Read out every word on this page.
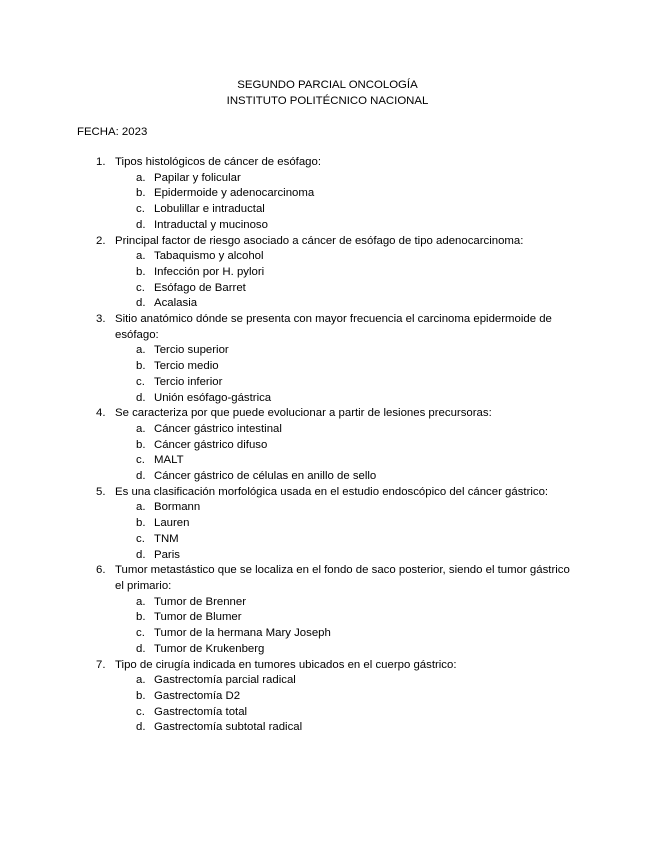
SEGUNDO PARCIAL ONCOLOGÍA
INSTITUTO POLITÉCNICO NACIONAL
FECHA: 2023
1. Tipos histológicos de cáncer de esófago:
a. Papilar y folicular
b. Epidermoide y adenocarcinoma
c. Lobulillar e intraductal
d. Intraductal y mucinoso
2. Principal factor de riesgo asociado a cáncer de esófago de tipo adenocarcinoma:
a. Tabaquismo y alcohol
b. Infección por H. pylori
c. Esófago de Barret
d. Acalasia
3. Sitio anatómico dónde se presenta con mayor frecuencia el carcinoma epidermoide de esófago:
a. Tercio superior
b. Tercio medio
c. Tercio inferior
d. Unión esófago-gástrica
4. Se caracteriza por que puede evolucionar a partir de lesiones precursoras:
a. Cáncer gástrico intestinal
b. Cáncer gástrico difuso
c. MALT
d. Cáncer gástrico de células en anillo de sello
5. Es una clasificación morfológica usada en el estudio endoscópico del cáncer gástrico:
a. Bormann
b. Lauren
c. TNM
d. Paris
6. Tumor metastástico que se localiza en el fondo de saco posterior, siendo el tumor gástrico el primario:
a. Tumor de Brenner
b. Tumor de Blumer
c. Tumor de la hermana Mary Joseph
d. Tumor de Krukenberg
7. Tipo de cirugía indicada en tumores ubicados en el cuerpo gástrico:
a. Gastrectomía parcial radical
b. Gastrectomía D2
c. Gastrectomía total
d. Gastrectomía subtotal radical
